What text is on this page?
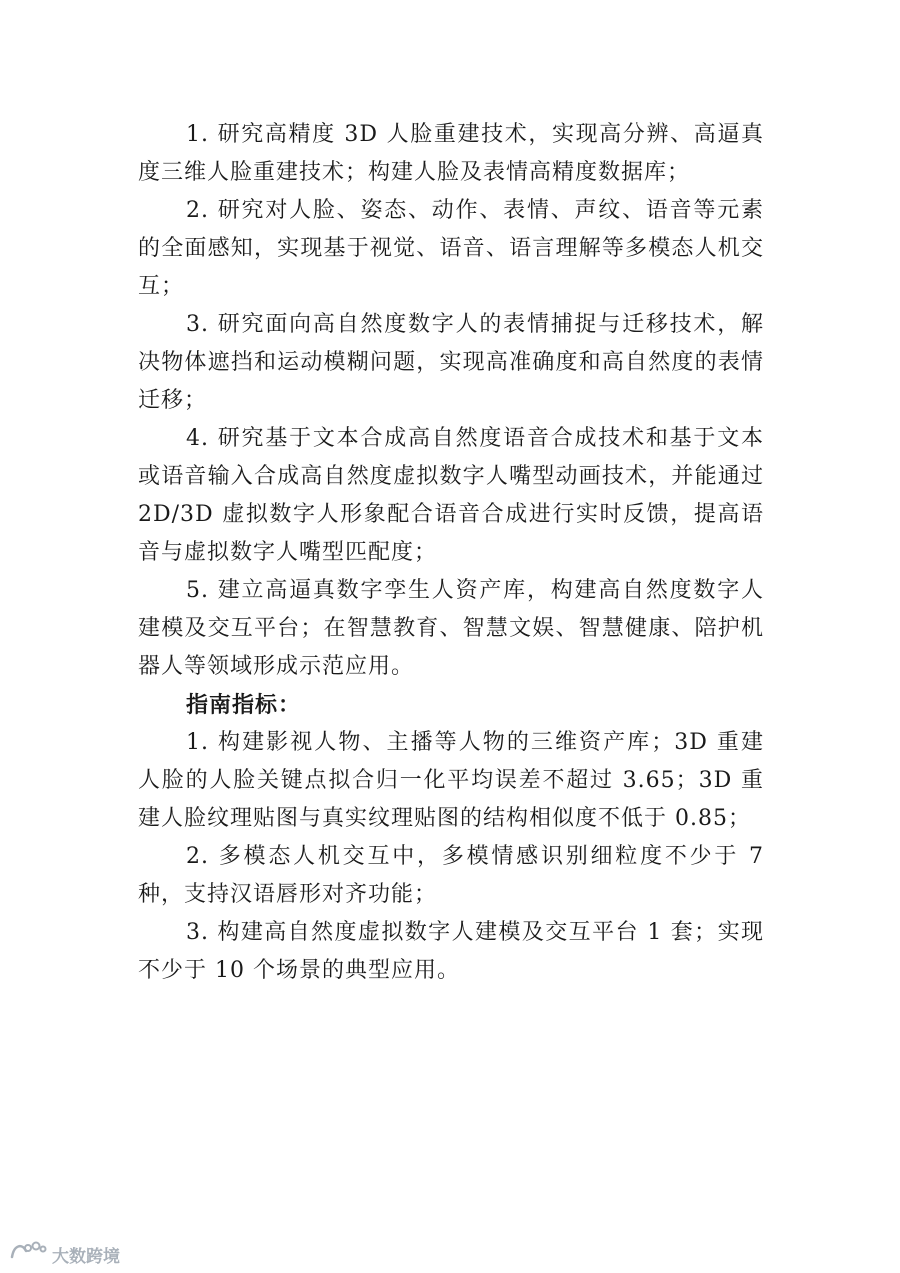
1. 研究高精度 3D 人脸重建技术，实现高分辨、高逼真度三维人脸重建技术；构建人脸及表情高精度数据库；

2. 研究对人脸、姿态、动作、表情、声纹、语音等元素的全面感知，实现基于视觉、语音、语言理解等多模态人机交互；

3. 研究面向高自然度数字人的表情捕捉与迁移技术，解决物体遮挡和运动模糊问题，实现高准确度和高自然度的表情迁移；

4. 研究基于文本合成高自然度语音合成技术和基于文本或语音输入合成高自然度虚拟数字人嘴型动画技术，并能通过 2D/3D 虚拟数字人形象配合语音合成进行实时反馈，提高语音与虚拟数字人嘴型匹配度；

5. 建立高逼真数字孪生人资产库，构建高自然度数字人建模及交互平台；在智慧教育、智慧文娱、智慧健康、陪护机器人等领域形成示范应用。

指南指标：

1. 构建影视人物、主播等人物的三维资产库；3D 重建人脸的人脸关键点拟合归一化平均误差不超过 3.65；3D 重建人脸纹理贴图与真实纹理贴图的结构相似度不低于 0.85；

2. 多模态人机交互中，多模情感识别细粒度不少于 7 种，支持汉语唇形对齐功能；

3. 构建高自然度虚拟数字人建模及交互平台 1 套；实现不少于 10 个场景的典型应用。

大数跨境
